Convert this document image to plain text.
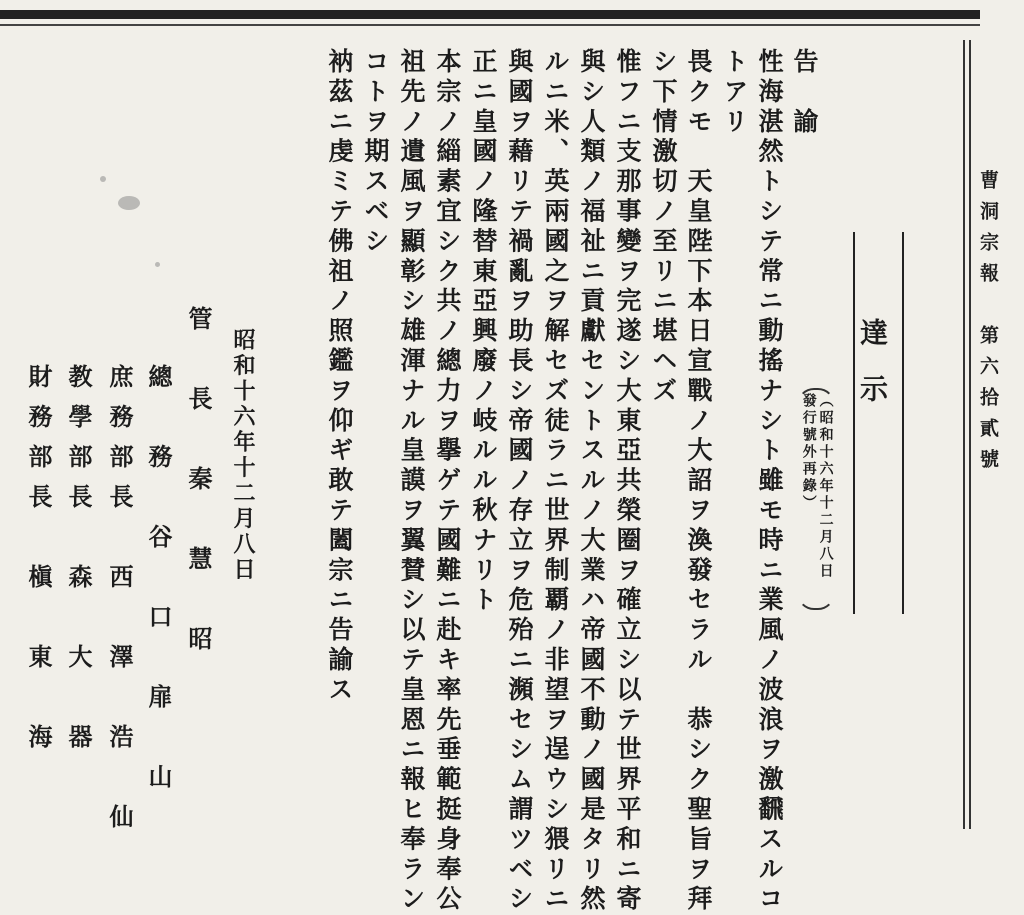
曹洞宗報　第六拾貳號
達　示
（昭和十六年十二月八日
發行號外再錄）
告　諭
性海湛然トシテ常ニ動搖ナシト雖モ時ニ業風ノ波浪ヲ激飜スルコ
トアリ
畏クモ　天皇陛下本日宣戰ノ大詔ヲ渙發セラル　恭シク聖旨ヲ拜
シ下情激切ノ至リニ堪ヘズ
惟フニ支那事變ヲ完遂シ大東亞共榮圈ヲ確立シ以テ世界平和ニ寄
與シ人類ノ福祉ニ貢獻セントスルノ大業ハ帝國不動ノ國是タリ然
ルニ米、英兩國之ヲ解セズ徒ラニ世界制覇ノ非望ヲ逞ウシ猥リニ
與國ヲ藉リテ禍亂ヲ助長シ帝國ノ存立ヲ危殆ニ瀕セシム謂ツベシ
正ニ皇國ノ隆替東亞興廢ノ岐ルル秋ナリト
本宗ノ緇素宜シク共ノ總力ヲ擧ゲテ國難ニ赴キ率先垂範挺身奉公
祖先ノ遺風ヲ顯彰シ雄渾ナル皇謨ヲ翼賛シ以テ皇恩ニ報ヒ奉ラン
コトヲ期スベシ
衲茲ニ虔ミテ佛祖ノ照鑑ヲ仰ギ敢テ闔宗ニ告諭ス
昭和十六年十二月八日
管　長　秦　慧　昭
總　務　谷　口　扉　山
庶務部長　西　澤　浩　仙
教學部長　森　大　器
財務部長　槇　東　海
